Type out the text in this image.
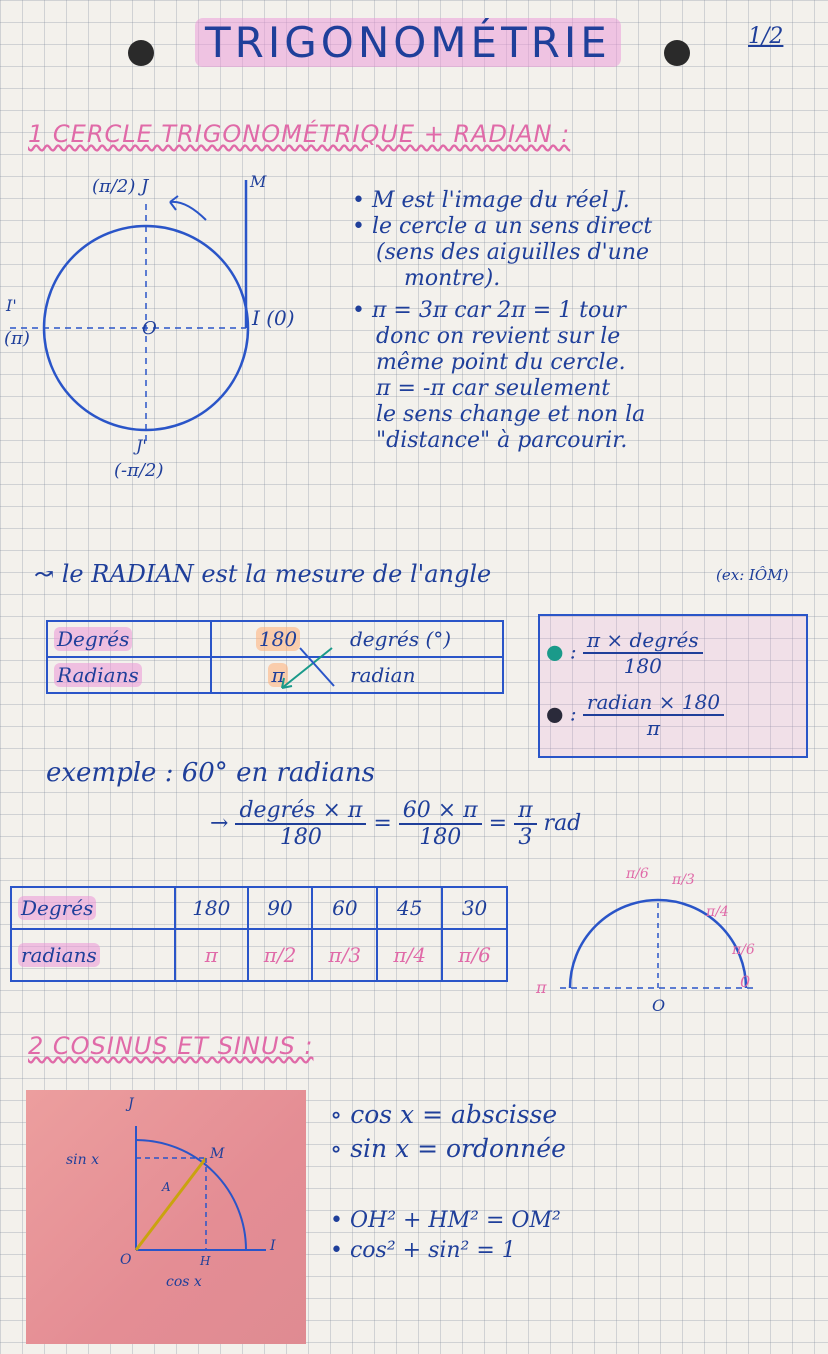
TRIGONOMÉTRIE	1/2
1 CERCLE TRIGONOMÉTRIQUE + RADIAN :
(π/2) J	M
I'
(π)
I (0)
O
J'
(-π/2)
• M est l'image du réel J.
• le cercle a un sens direct
(sens des aiguilles d'une
montre).
• π = 3π car 2π = 1 tour
donc on revient sur le
même point du cercle.
π = -π car seulement
le sens change et non la
"distance" à parcourir.
↝ le RADIAN est la mesure de l'angle	(ex: IÔM)
Degrés	180	degrés (°)
Radians	π	radian
● : $\frac{\text{π × degrés}}{180}$
● : $\frac{\text{radian × 180}}{\pi}$
exemple : 60° en radians
→ $\frac{\text{degrés × π}}{180} = \frac{60 \times \pi}{180} = \frac{\pi}{3}$ rad
Degrés	180	90	60	45	30
radians	π	π/2	π/3	π/4	π/6
π
π/6 π/3
π/4
π/6
0
O
2 COSINUS ET SINUS :
J
sin x	M
A
O	H
I
cos x
∘ cos x = abscisse
∘ sin x = ordonnée
• OH² + HM² = OM²
• cos² + sin² = 1
